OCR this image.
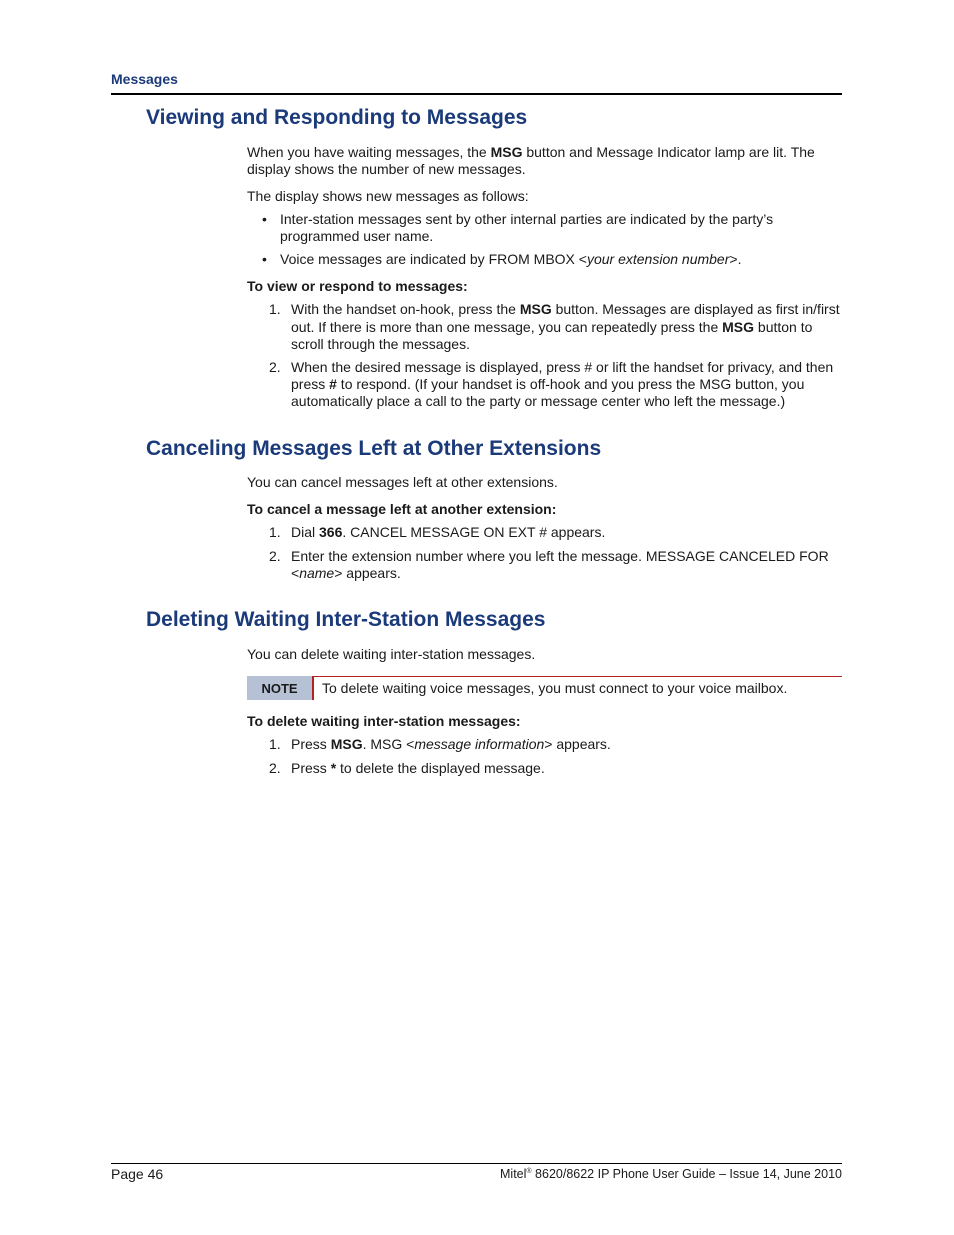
Messages
Viewing and Responding to Messages
When you have waiting messages, the MSG button and Message Indicator lamp are lit. The
display shows the number of new messages.
The display shows new messages as follows:
• Inter-station messages sent by other internal parties are indicated by the party’s
programmed user name.
• Voice messages are indicated by FROM MBOX <your extension number>.
To view or respond to messages:
1. With the handset on-hook, press the MSG button. Messages are displayed as first in/first
out. If there is more than one message, you can repeatedly press the MSG button to
scroll through the messages.
2. When the desired message is displayed, press # or lift the handset for privacy, and then
press # to respond. (If your handset is off-hook and you press the MSG button, you
automatically place a call to the party or message center who left the message.)
Canceling Messages Left at Other Extensions
You can cancel messages left at other extensions.
To cancel a message left at another extension:
1. Dial 366. CANCEL MESSAGE ON EXT # appears.
2. Enter the extension number where you left the message. MESSAGE CANCELED FOR
<name> appears.
Deleting Waiting Inter-Station Messages
You can delete waiting inter-station messages.
NOTE	To delete waiting voice messages, you must connect to your voice mailbox.
To delete waiting inter-station messages:
1. Press MSG. MSG <message information> appears.
2. Press * to delete the displayed message.
Page 46	Mitel® 8620/8622 IP Phone User Guide – Issue 14, June 2010
